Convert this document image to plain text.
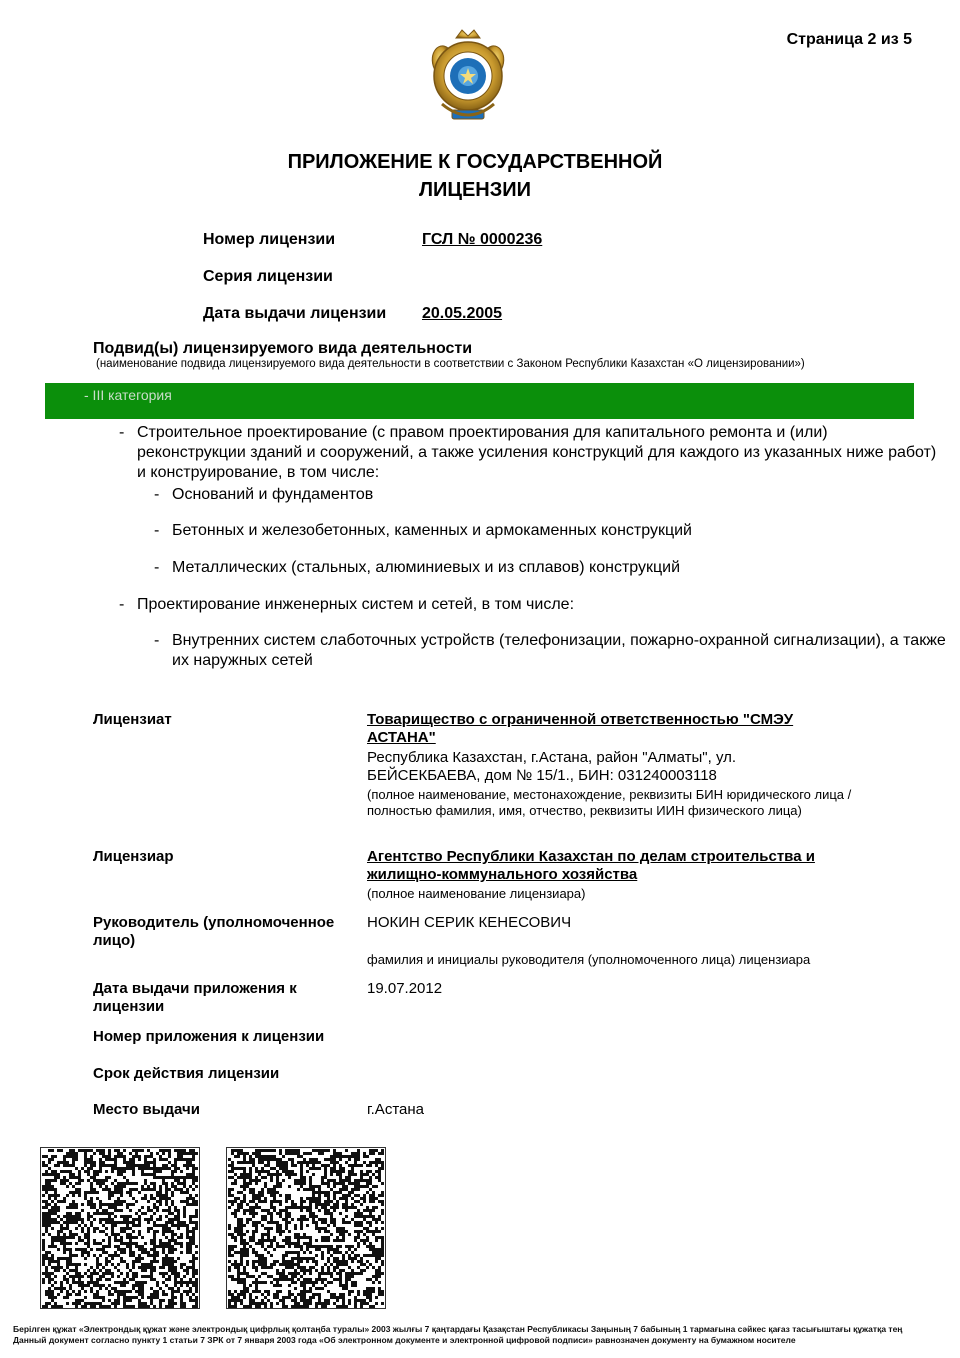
Страница 2 из 5
ПРИЛОЖЕНИЕ К ГОСУДАРСТВЕННОЙ
ЛИЦЕНЗИИ
Номер лицензии	ГСЛ № 0000236
Серия лицензии
Дата выдачи лицензии 20.05.2005
Подвид(ы) лицензируемого вида деятельности
(наименование подвида лицензируемого вида деятельности в соответствии с Законом Республики Казахстан «О лицензировании»)
- III категория
- Строительное проектирование (с правом проектирования для капитального ремонта и (или) реконструкции зданий и сооружений, а также усиления конструкций для каждого из указанных ниже работ) и конструирование, в том числе:
- Оснований и фундаментов
- Бетонных и железобетонных, каменных и армокаменных конструкций
- Металлических (стальных, алюминиевых и из сплавов) конструкций
- Проектирование инженерных систем и сетей, в том числе:
- Внутренних систем слаботочных устройств (телефонизации, пожарно-охранной сигнализации), а также их наружных сетей
Лицензиат	Товарищество с ограниченной ответственностью "СМЭУ АСТАНА"
Республика Казахстан, г.Астана, район "Алматы", ул. БЕЙСЕКБАЕВА, дом № 15/1., БИН: 031240003118
(полное наименование, местонахождение, реквизиты БИН юридического лица / полностью фамилия, имя, отчество, реквизиты ИИН физического лица)
Лицензиар	Агентство Республики Казахстан по делам строительства и жилищно-коммунального хозяйства
(полное наименование лицензиара)
Руководитель (уполномоченное лицо)
НОКИН СЕРИК КЕНЕСОВИЧ
фамилия и инициалы руководителя (уполномоченного лица) лицензиара
Дата выдачи приложения к лицензии
19.07.2012
Номер приложения к лицензии
Срок действия лицензии
Место выдачи	г.Астана
Берілген құжат «Электрондық құжат және электрондық цифрлық қолтаңба туралы» 2003 жылғы 7 қаңтардағы Қазақстан Республикасы Заңының 7 бабының 1 тармағына сәйкес қағаз тасығыштағы құжатқа тең
Данный документ согласно пункту 1 статьи 7 ЗРК от 7 января 2003 года «Об электронном документе и электронной цифровой подписи» равнозначен документу на бумажном носителе
